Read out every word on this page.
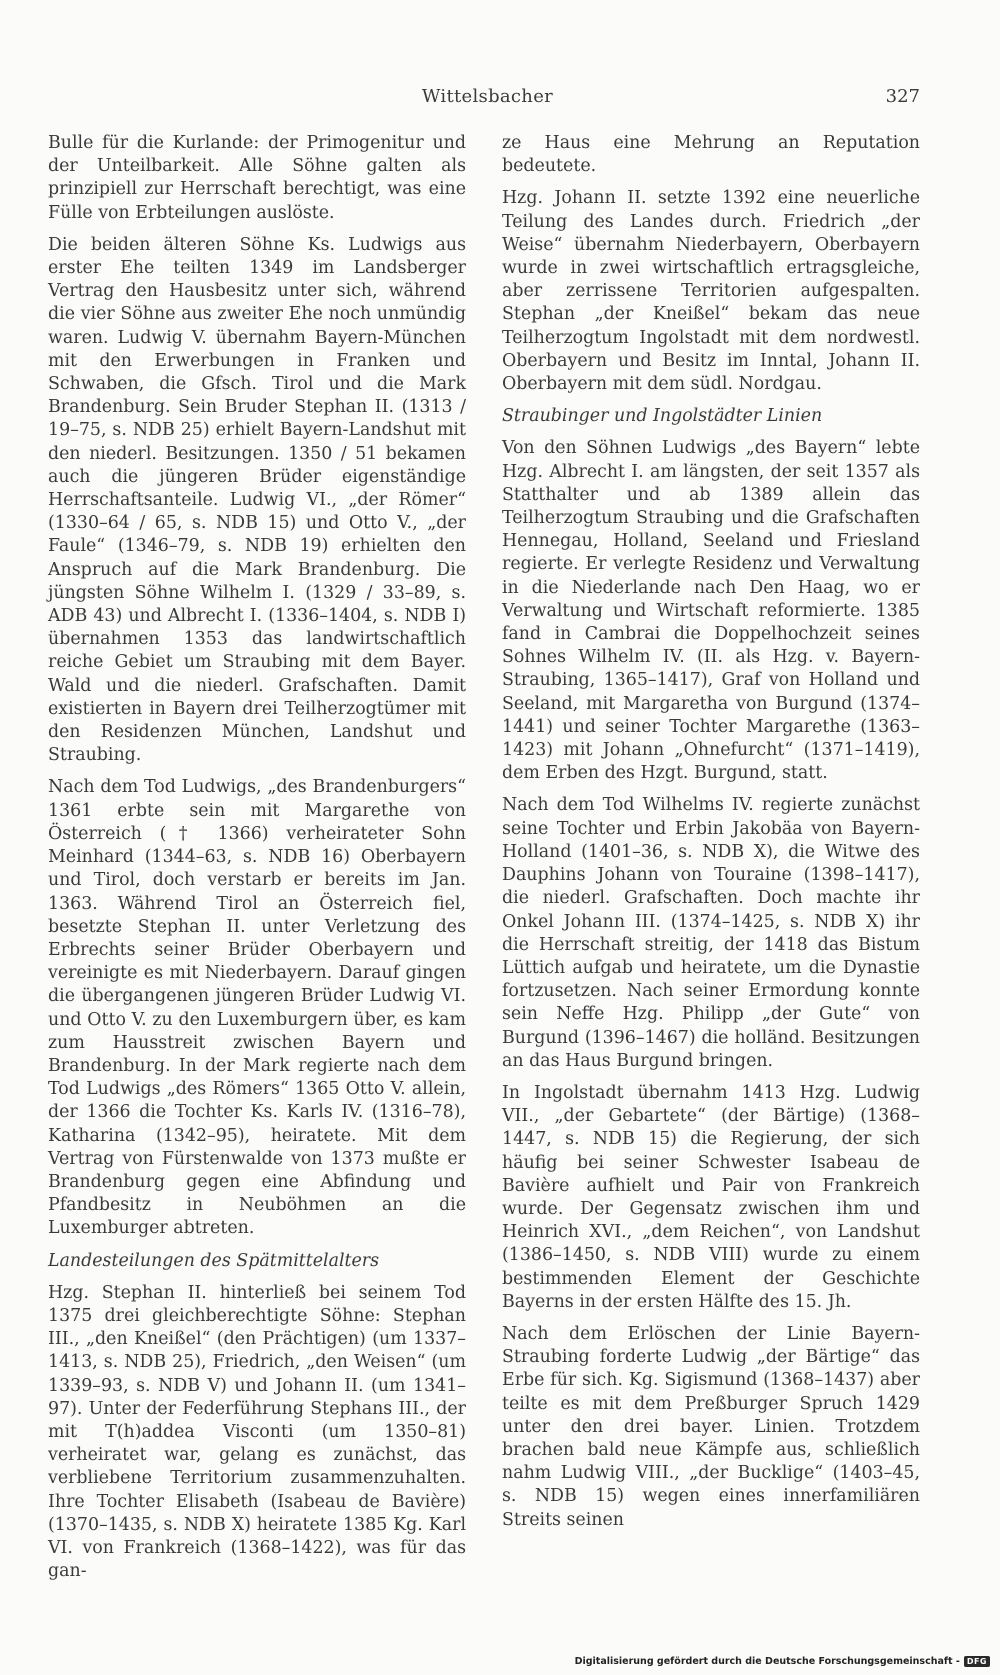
Wittelsbacher	327

Bulle für die Kurlande: der Primogenitur und der Unteilbarkeit. Alle Söhne galten als prinzipiell zur Herrschaft berechtigt, was eine Fülle von Erbteilungen auslöste.

Die beiden älteren Söhne Ks. Ludwigs aus erster Ehe teilten 1349 im Landsberger Vertrag den Hausbesitz unter sich, während die vier Söhne aus zweiter Ehe noch unmündig waren. Ludwig V. übernahm Bayern-München mit den Erwerbungen in Franken und Schwaben, die Gfsch. Tirol und die Mark Brandenburg. Sein Bruder Stephan II. (1313 / 19–75, s. NDB 25) erhielt Bayern-Landshut mit den niederl. Besitzungen. 1350 / 51 bekamen auch die jüngeren Brüder eigenständige Herrschaftsanteile. Ludwig VI., „der Römer“ (1330–64 / 65, s. NDB 15) und Otto V., „der Faule“ (1346–79, s. NDB 19) erhielten den Anspruch auf die Mark Brandenburg. Die jüngsten Söhne Wilhelm I. (1329 / 33–89, s. ADB 43) und Albrecht I. (1336–1404, s. NDB I) übernahmen 1353 das landwirtschaftlich reiche Gebiet um Straubing mit dem Bayer. Wald und die niederl. Grafschaften. Damit existierten in Bayern drei Teilherzogtümer mit den Residenzen München, Landshut und Straubing.

Nach dem Tod Ludwigs, „des Brandenburgers“ 1361 erbte sein mit Margarethe von Österreich († 1366) verheirateter Sohn Meinhard (1344–63, s. NDB 16) Oberbayern und Tirol, doch verstarb er bereits im Jan. 1363. Während Tirol an Österreich fiel, besetzte Stephan II. unter Verletzung des Erbrechts seiner Brüder Oberbayern und vereinigte es mit Niederbayern. Darauf gingen die übergangenen jüngeren Brüder Ludwig VI. und Otto V. zu den Luxemburgern über, es kam zum Hausstreit zwischen Bayern und Brandenburg. In der Mark regierte nach dem Tod Ludwigs „des Römers“ 1365 Otto V. allein, der 1366 die Tochter Ks. Karls IV. (1316–78), Katharina (1342–95), heiratete. Mit dem Vertrag von Fürstenwalde von 1373 mußte er Brandenburg gegen eine Abfindung und Pfandbesitz in Neuböhmen an die Luxemburger abtreten.

Landesteilungen des Spätmittelalters

Hzg. Stephan II. hinterließ bei seinem Tod 1375 drei gleichberechtigte Söhne: Stephan III., „den Kneißel“ (den Prächtigen) (um 1337–1413, s. NDB 25), Friedrich, „den Weisen“ (um 1339–93, s. NDB V) und Johann II. (um 1341–97). Unter der Federführung Stephans III., der mit T(h)addea Visconti (um 1350–81) verheiratet war, gelang es zunächst, das verbliebene Territorium zusammenzuhalten. Ihre Tochter Elisabeth (Isabeau de Bavière) (1370–1435, s. NDB X) heiratete 1385 Kg. Karl VI. von Frankreich (1368–1422), was für das gan-

ze Haus eine Mehrung an Reputation bedeutete.

Hzg. Johann II. setzte 1392 eine neuerliche Teilung des Landes durch. Friedrich „der Weise“ übernahm Niederbayern, Oberbayern wurde in zwei wirtschaftlich ertragsgleiche, aber zerrissene Territorien aufgespalten. Stephan „der Kneißel“ bekam das neue Teilherzogtum Ingolstadt mit dem nordwestl. Oberbayern und Besitz im Inntal, Johann II. Oberbayern mit dem südl. Nordgau.

Straubinger und Ingolstädter Linien

Von den Söhnen Ludwigs „des Bayern“ lebte Hzg. Albrecht I. am längsten, der seit 1357 als Statthalter und ab 1389 allein das Teilherzogtum Straubing und die Grafschaften Hennegau, Holland, Seeland und Friesland regierte. Er verlegte Residenz und Verwaltung in die Niederlande nach Den Haag, wo er Verwaltung und Wirtschaft reformierte. 1385 fand in Cambrai die Doppelhochzeit seines Sohnes Wilhelm IV. (II. als Hzg. v. Bayern-Straubing, 1365–1417), Graf von Holland und Seeland, mit Margaretha von Burgund (1374–1441) und seiner Tochter Margarethe (1363–1423) mit Johann „Ohnefurcht“ (1371–1419), dem Erben des Hzgt. Burgund, statt.

Nach dem Tod Wilhelms IV. regierte zunächst seine Tochter und Erbin Jakobäa von Bayern-Holland (1401–36, s. NDB X), die Witwe des Dauphins Johann von Touraine (1398–1417), die niederl. Grafschaften. Doch machte ihr Onkel Johann III. (1374–1425, s. NDB X) ihr die Herrschaft streitig, der 1418 das Bistum Lüttich aufgab und heiratete, um die Dynastie fortzusetzen. Nach seiner Ermordung konnte sein Neffe Hzg. Philipp „der Gute“ von Burgund (1396–1467) die holländ. Besitzungen an das Haus Burgund bringen.

In Ingolstadt übernahm 1413 Hzg. Ludwig VII., „der Gebartete“ (der Bärtige) (1368–1447, s. NDB 15) die Regierung, der sich häufig bei seiner Schwester Isabeau de Bavière aufhielt und Pair von Frankreich wurde. Der Gegensatz zwischen ihm und Heinrich XVI., „dem Reichen“, von Landshut (1386–1450, s. NDB VIII) wurde zu einem bestimmenden Element der Geschichte Bayerns in der ersten Hälfte des 15. Jh.

Nach dem Erlöschen der Linie Bayern-Straubing forderte Ludwig „der Bärtige“ das Erbe für sich. Kg. Sigismund (1368–1437) aber teilte es mit dem Preßburger Spruch 1429 unter den drei bayer. Linien. Trotzdem brachen bald neue Kämpfe aus, schließlich nahm Ludwig VIII., „der Bucklige“ (1403–45, s. NDB 15) wegen eines innerfamiliären Streits seinen

Digitalisierung gefördert durch die Deutsche Forschungsgemeinschaft - DFG
